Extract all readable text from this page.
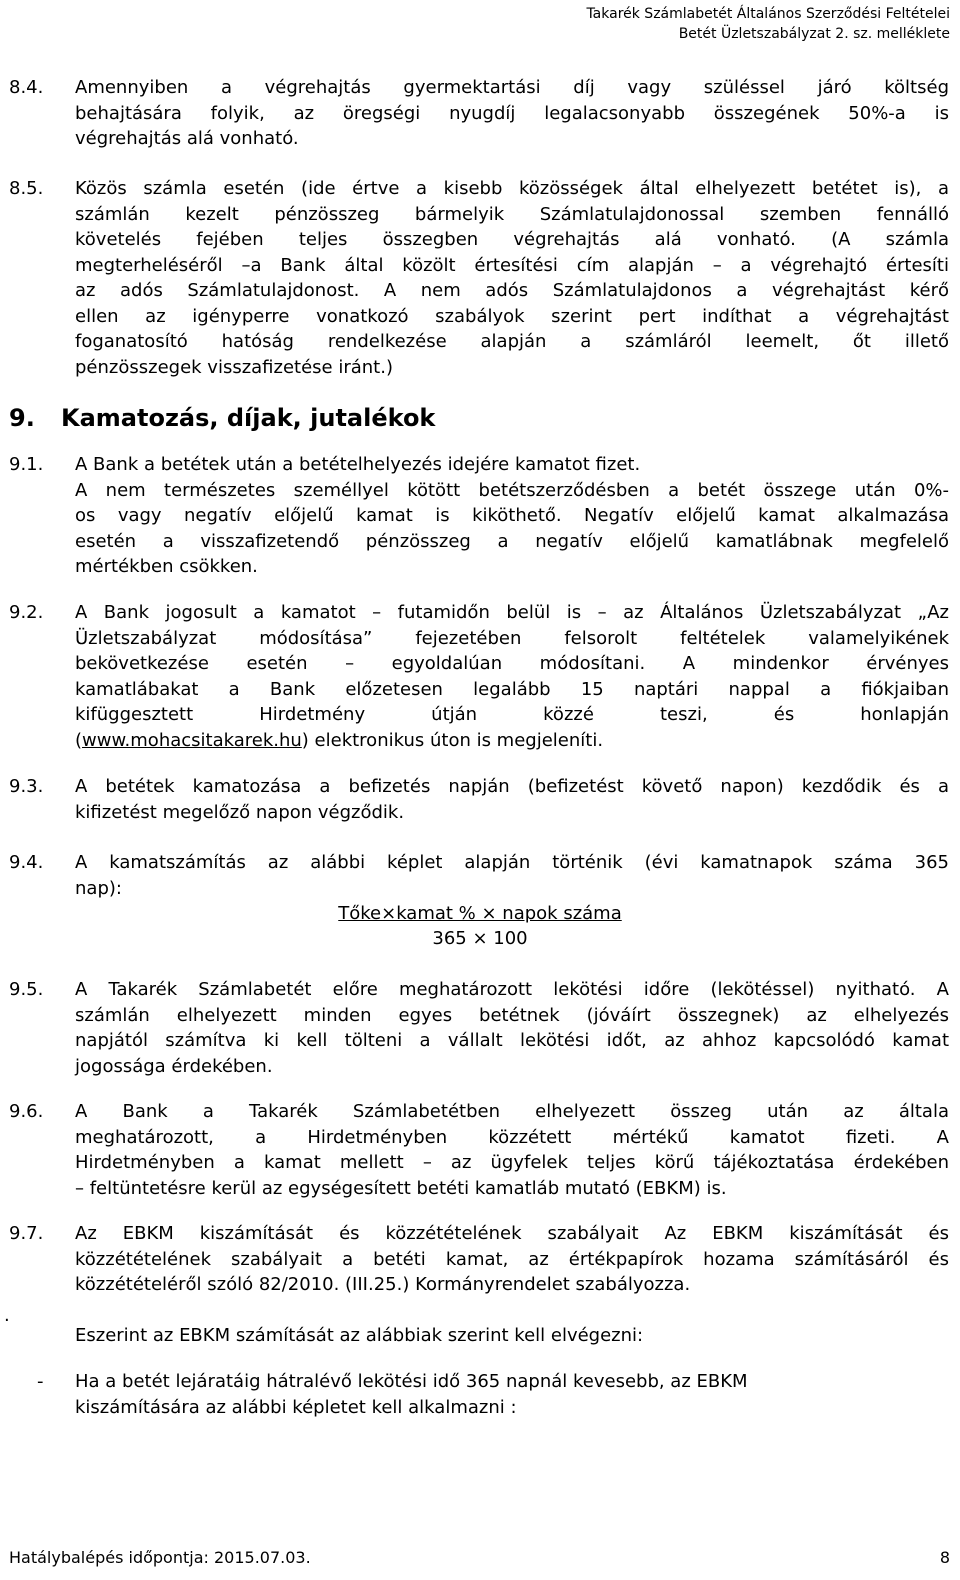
Takarék Számlabetét Általános Szerződési Feltételei
Betét Üzletszabályzat 2. sz. melléklete
8.4. Amennyiben a végrehajtás gyermektartási díj vagy szüléssel járó költség
behajtására folyik, az öregségi nyugdíj legalacsonyabb összegének 50%-a is
végrehajtás alá vonható.
8.5. Közös számla esetén (ide értve a kisebb közösségek által elhelyezett betétet is), a
számlán kezelt pénzösszeg bármelyik Számlatulajdonossal szemben fennálló
követelés fejében teljes összegben végrehajtás alá vonható. (A számla
megterheléséről –a Bank által közölt értesítési cím alapján – a végrehajtó értesíti
az adós Számlatulajdonost. A nem adós Számlatulajdonos a végrehajtást kérő
ellen az igényperre vonatkozó szabályok szerint pert indíthat a végrehajtást
foganatosító hatóság rendelkezése alapján a számláról leemelt, őt illető
pénzösszegek visszafizetése iránt.)
9. Kamatozás, díjak, jutalékok
9.1. A Bank a betétek után a betételhelyezés idejére kamatot fizet.
A nem természetes személlyel kötött betétszerződésben a betét összege után 0%-
os vagy negatív előjelű kamat is kiköthető. Negatív előjelű kamat alkalmazása
esetén a visszafizetendő pénzösszeg a negatív előjelű kamatlábnak megfelelő
mértékben csökken.
9.2. A Bank jogosult a kamatot – futamidőn belül is – az Általános Üzletszabályzat „Az
Üzletszabályzat módosítása” fejezetében felsorolt feltételek valamelyikének
bekövetkezése esetén – egyoldalúan módosítani. A mindenkor érvényes
kamatlábakat a Bank előzetesen legalább 15 naptári nappal a fiókjaiban
kifüggesztett Hirdetmény útján közzé teszi, és honlapján
(www.mohacsitakarek.hu) elektronikus úton is megjeleníti.
9.3. A betétek kamatozása a befizetés napján (befizetést követő napon) kezdődik és a
kifizetést megelőző napon végződik.
9.4. A kamatszámítás az alábbi képlet alapján történik (évi kamatnapok száma 365
nap):
Tőke×kamat % × napok száma
365 × 100
9.5. A Takarék Számlabetét előre meghatározott lekötési időre (lekötéssel) nyitható. A
számlán elhelyezett minden egyes betétnek (jóváírt összegnek) az elhelyezés
napjától számítva ki kell tölteni a vállalt lekötési időt, az ahhoz kapcsolódó kamat
jogossága érdekében.
9.6. A Bank a Takarék Számlabetétben elhelyezett összeg után az általa
meghatározott, a Hirdetményben közzétett mértékű kamatot fizeti. A
Hirdetményben a kamat mellett – az ügyfelek teljes körű tájékoztatása érdekében
– feltüntetésre kerül az egységesített betéti kamatláb mutató (EBKM) is.
9.7. Az EBKM kiszámítását és közzétételének szabályait Az EBKM kiszámítását és
közzétételének szabályait a betéti kamat, az értékpapírok hozama számításáról és
közzétételéről szóló 82/2010. (III.25.) Kormányrendelet szabályozza.
.
Eszerint az EBKM számítását az alábbiak szerint kell elvégezni:
- Ha a betét lejáratáig hátralévő lekötési idő 365 napnál kevesebb, az EBKM
kiszámítására az alábbi képletet kell alkalmazni :
Hatálybalépés időpontja: 2015.07.03.	8
